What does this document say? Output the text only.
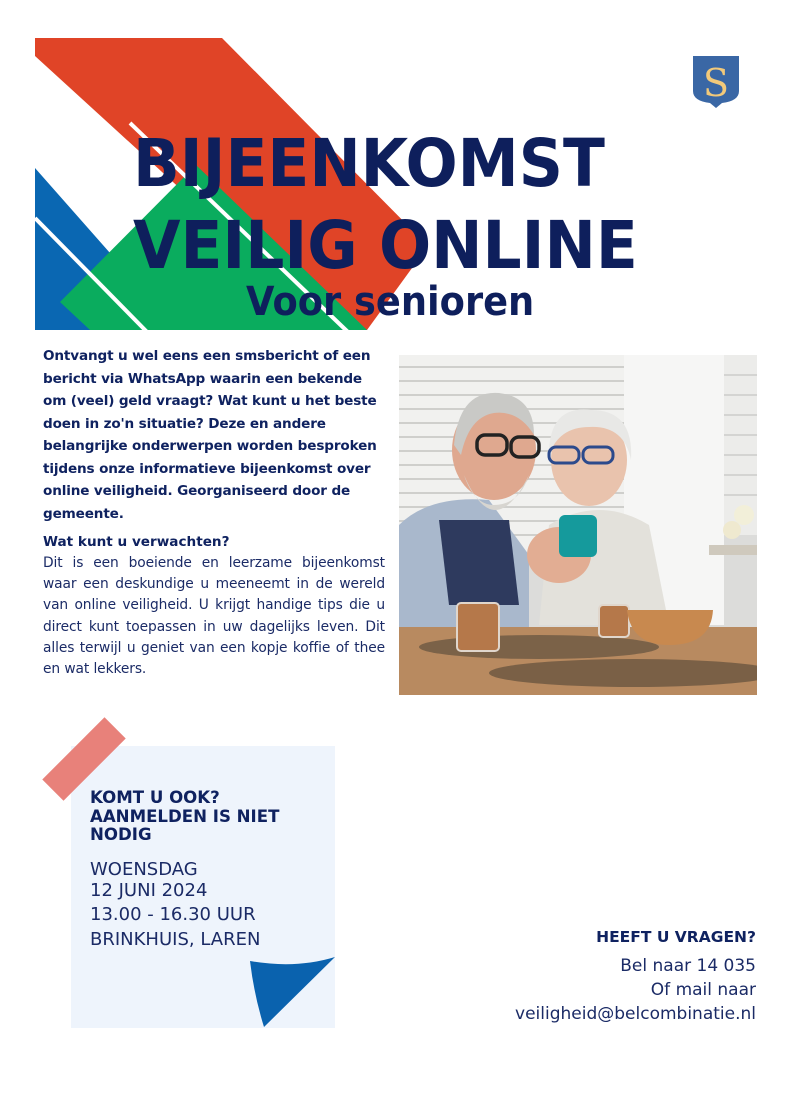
S
BIJEENKOMST
VEILIG ONLINE
Voor senioren

Ontvangt u wel eens een smsbericht of een bericht via WhatsApp waarin een bekende om (veel) geld vraagt? Wat kunt u het beste doen in zo'n situatie? Deze en andere belangrijke onderwerpen worden besproken tijdens onze informatieve bijeenkomst over online veiligheid. Georganiseerd door de gemeente.

Wat kunt u verwachten?

Dit is een boeiende en leerzame bijeenkomst waar een deskundige u meeneemt in de wereld van online veiligheid. U krijgt handige tips die u direct kunt toepassen in uw dagelijks leven. Dit alles terwijl u geniet van een kopje koffie of thee en wat lekkers.

KOMT U OOK? AANMELDEN IS NIET NODIG
WOENSDAG
12 JUNI 2024
13.00 - 16.30 UUR
BRINKHUIS, LAREN	HEEFT U VRAGEN?
Bel naar 14 035
Of mail naar
veiligheid@belcombinatie.nl
